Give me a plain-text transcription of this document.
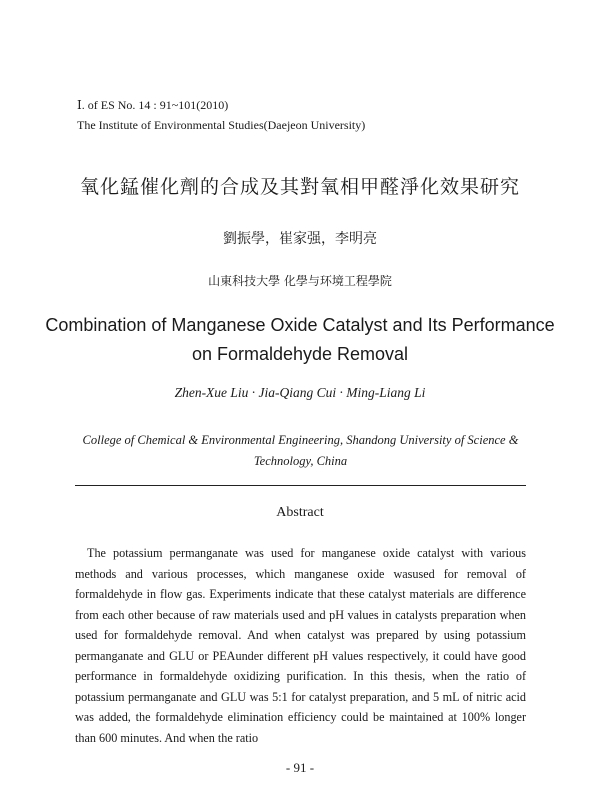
Ⅰ. of ES No. 14 : 91~101(2010)
The Institute of Environmental Studies(Daejeon University)
氧化錳催化劑的合成及其對氧相甲醛淨化效果研究
劉振學，崔家强，李明亮
山東科技大學 化學与环境工程學院
Combination of Manganese Oxide Catalyst and Its Performance
on Formaldehyde Removal
Zhen-Xue Liu · Jia-Qiang Cui · Ming-Liang Li
College of Chemical & Environmental Engineering, Shandong University of Science & Technology, China
Abstract
The potassium permanganate was used for manganese oxide catalyst with various methods and various processes, which manganese oxide wasused for removal of formaldehyde in flow gas. Experiments indicate that these catalyst materials are difference from each other because of raw materials used and pH values in catalysts preparation when used for formaldehyde removal. And when catalyst was prepared by using potassium permanganate and GLU or PEAunder different pH values respectively, it could have good performance in formaldehyde oxidizing purification. In this thesis, when the ratio of potassium permanganate and GLU was 5:1 for catalyst preparation, and 5 mL of nitric acid was added, the formaldehyde elimination efficiency could be maintained at 100% longer than 600 minutes. And when the ratio
- 91 -
